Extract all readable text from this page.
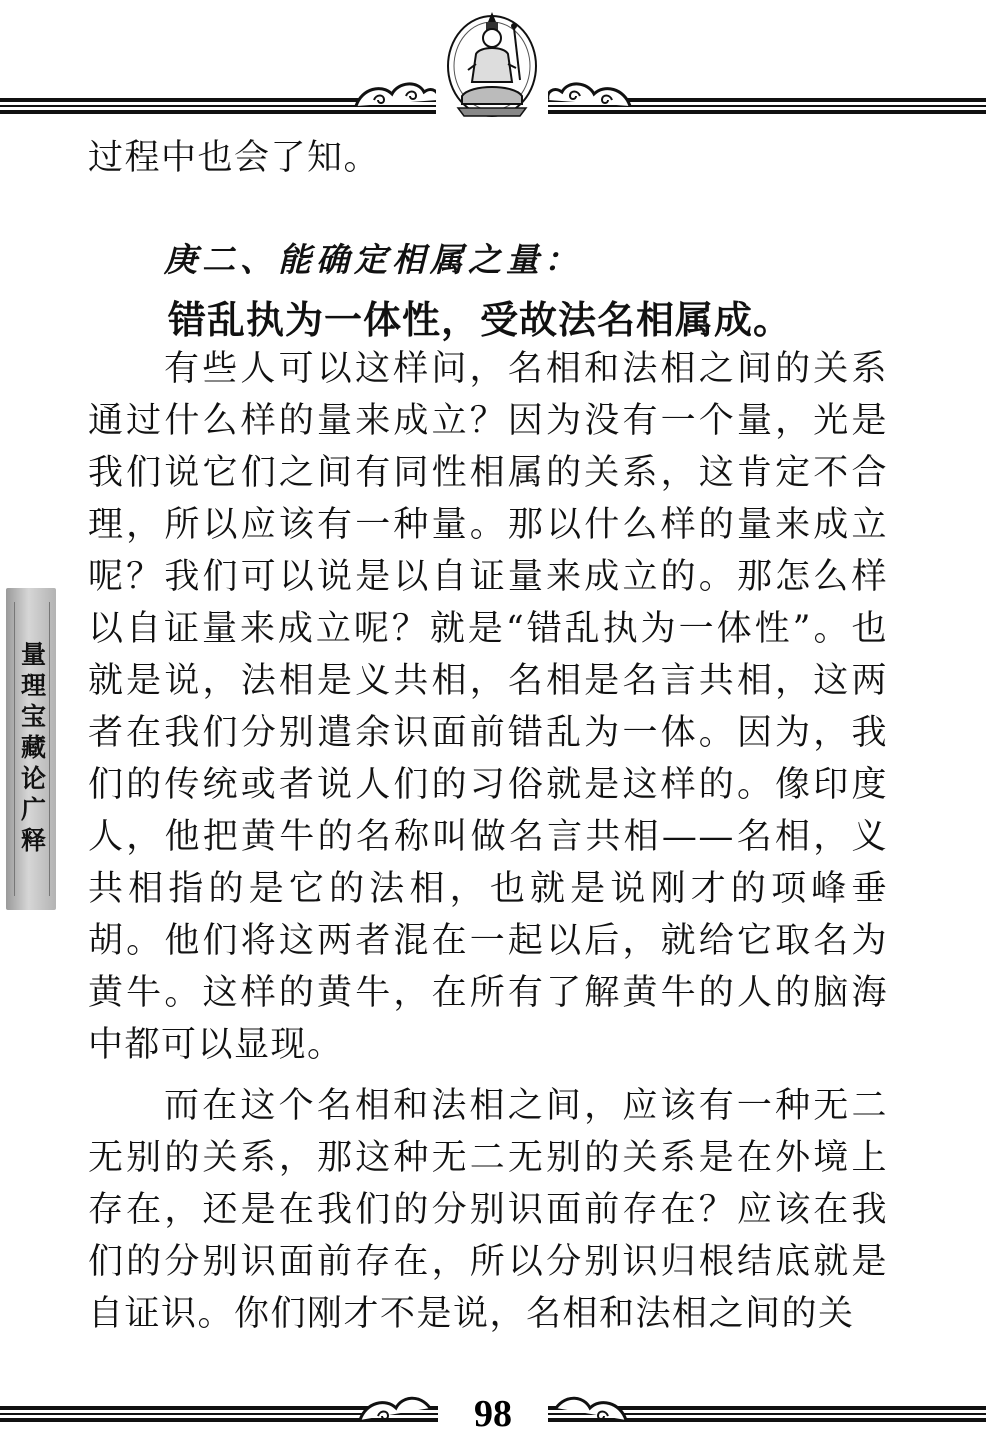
量理宝藏论广释

过程中也会了知。

庚二、能确定相属之量：

错乱执为一体性，受故法名相属成。

有些人可以这样问，名相和法相之间的关系通过什么样的量来成立？因为没有一个量，光是我们说它们之间有同性相属的关系，这肯定不合理，所以应该有一种量。那以什么样的量来成立呢？我们可以说是以自证量来成立的。那怎么样以自证量来成立呢？就是“错乱执为一体性”。也就是说，法相是义共相，名相是名言共相，这两者在我们分别遣余识面前错乱为一体。因为，我们的传统或者说人们的习俗就是这样的。像印度人，他把黄牛的名称叫做名言共相——名相，义共相指的是它的法相，也就是说刚才的项峰垂胡。他们将这两者混在一起以后，就给它取名为黄牛。这样的黄牛，在所有了解黄牛的人的脑海中都可以显现。

而在这个名相和法相之间，应该有一种无二无别的关系，那这种无二无别的关系是在外境上存在，还是在我们的分别识面前存在？应该在我们的分别识面前存在，所以分别识归根结底就是自证识。你们刚才不是说，名相和法相之间的关

98
